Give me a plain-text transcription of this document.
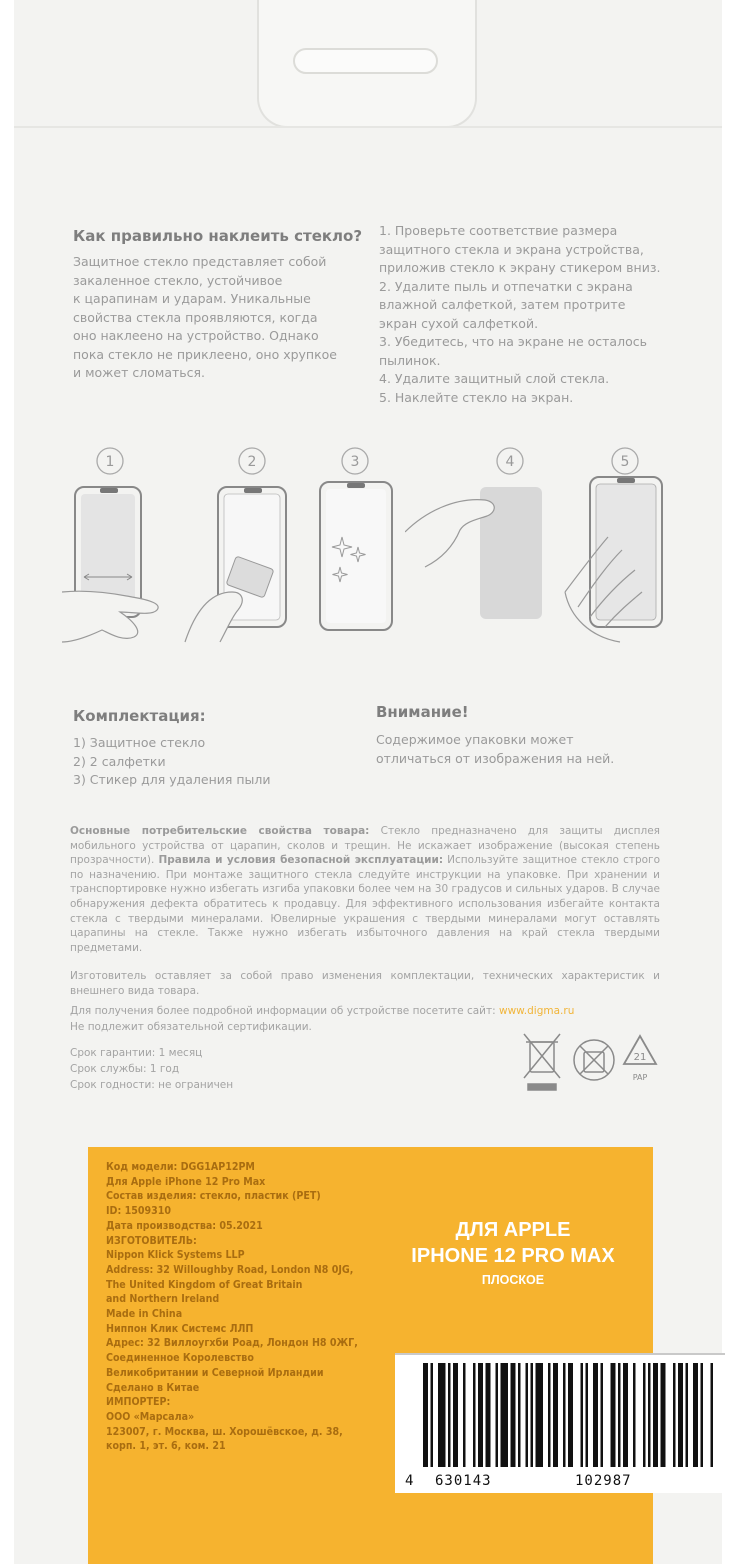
Как правильно наклеить стекло?
Защитное стекло представляет собой
закаленное стекло, устойчивое
к царапинам и ударам. Уникальные
свойства стекла проявляются, когда
оно наклеено на устройство. Однако
пока стекло не приклеено, оно хрупкое
и может сломаться.
1. Проверьте соответствие размера
защитного стекла и экрана устройства,
приложив стекло к экрану стикером вниз.
2. Удалите пыль и отпечатки с экрана
влажной салфеткой, затем протрите
экран сухой салфеткой.
3. Убедитесь, что на экране не осталось
пылинок.
4. Удалите защитный слой стекла.
5. Наклейте стекло на экран.
1	2	3	4	5
Комплектация:
1) Защитное стекло
2) 2 салфетки
3) Стикер для удаления пыли
Внимание!
Содержимое упаковки может
отличаться от изображения на ней.
Основные потребительские свойства товара: Стекло предназначено для защиты дисплея мобильного устройства от царапин, сколов и трещин. Не искажает изображение (высокая степень прозрачности). Правила и условия безопасной эксплуатации: Используйте защитное стекло строго по назначению. При монтаже защитного стекла следуйте инструкции на упаковке. При хранении и транспортировке нужно избегать изгиба упаковки более чем на 30 градусов и сильных ударов. В случае обнаружения дефекта обратитесь к продавцу. Для эффективного использования избегайте контакта стекла с твердыми минералами. Ювелирные украшения с твердыми минералами могут оставлять царапины на стекле. Также нужно избегать избыточного давления на край стекла твердыми предметами.
Изготовитель оставляет за собой право изменения комплектации, технических характеристик и внешнего вида товара.
Для получения более подробной информации об устройстве посетите сайт: www.digma.ru
Не подлежит обязательной сертификации.
Срок гарантии: 1 месяц
Срок службы: 1 год
Срок годности: не ограничен
21
PAP
Код модели: DGG1AP12PM
Для Apple iPhone 12 Pro Max
Состав изделия: стекло, пластик (PET)
ID: 1509310
Дата производства: 05.2021
ИЗГОТОВИТЕЛЬ:
Nippon Klick Systems LLP
Address: 32 Willoughby Road, London N8 0JG,
The United Kingdom of Great Britain
and Northern Ireland
Made in China
Ниппон Клик Системс ЛЛП
Адрес: 32 Виллоугхби Роад, Лондон Н8 0ЖГ,
Соединенное Королевство
Великобритании и Северной Ирландии
Сделано в Китае
ИМПОРТЕР:
ООО «Марсала»
123007, г. Москва, ш. Хорошёвское, д. 38,
корп. 1, эт. 6, ком. 21
ДЛЯ APPLE
IPHONE 12 PRO MAX
ПЛОСКОЕ
4 630143	102987
